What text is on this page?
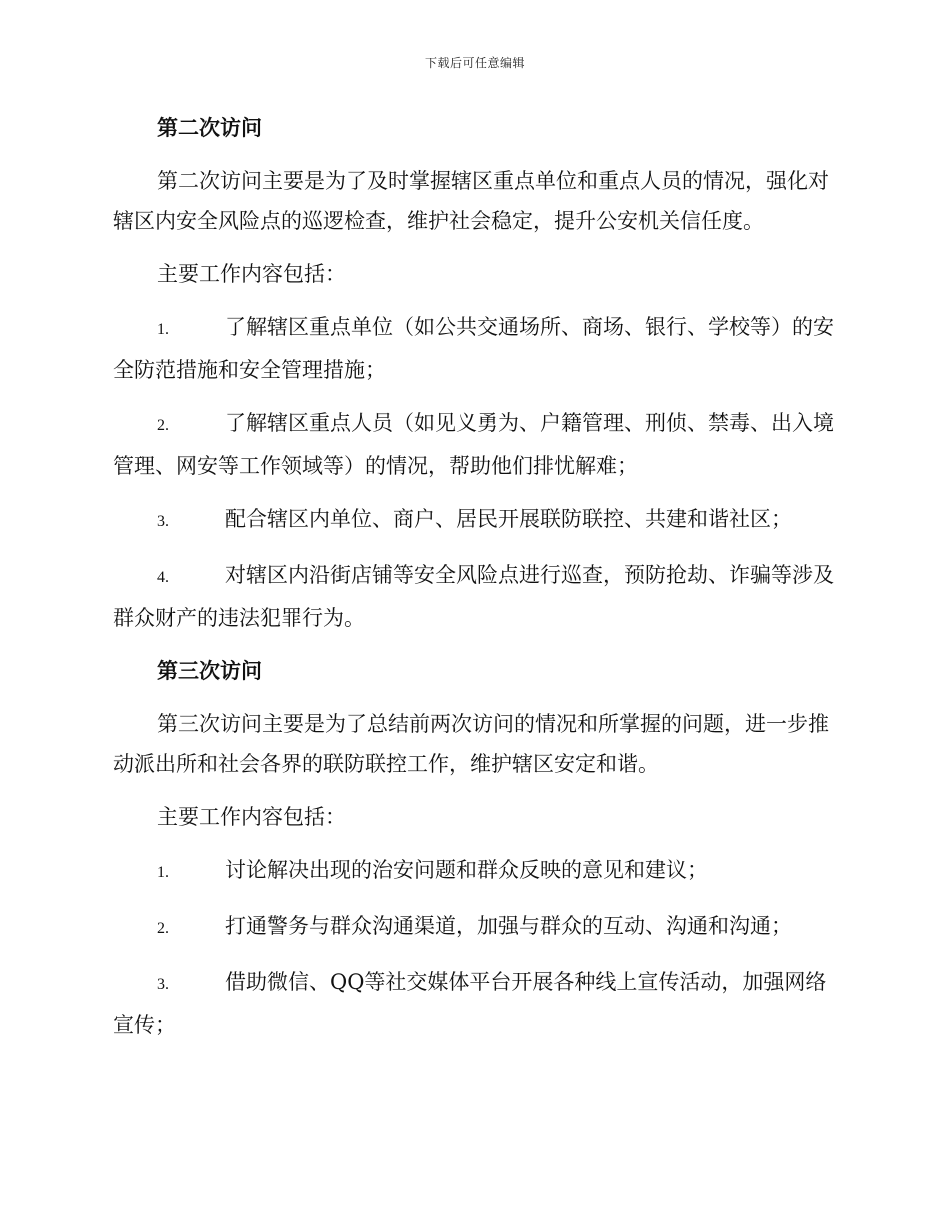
下载后可任意编辑
第二次访问

第二次访问主要是为了及时掌握辖区重点单位和重点人员的情况，强化对辖区内安全风险点的巡逻检查，维护社会稳定，提升公安机关信任度。

主要工作内容包括：

1.	了解辖区重点单位（如公共交通场所、商场、银行、学校等）的安全防范措施和安全管理措施；

2.	了解辖区重点人员（如见义勇为、户籍管理、刑侦、禁毒、出入境管理、网安等工作领域等）的情况，帮助他们排忧解难；

3.	配合辖区内单位、商户、居民开展联防联控、共建和谐社区；

4.	对辖区内沿街店铺等安全风险点进行巡查，预防抢劫、诈骗等涉及群众财产的违法犯罪行为。

第三次访问

第三次访问主要是为了总结前两次访问的情况和所掌握的问题，进一步推动派出所和社会各界的联防联控工作，维护辖区安定和谐。

主要工作内容包括：

1.	讨论解决出现的治安问题和群众反映的意见和建议；

2.	打通警务与群众沟通渠道，加强与群众的互动、沟通和沟通；

3.	借助微信、QQ等社交媒体平台开展各种线上宣传活动，加强网络宣传；
